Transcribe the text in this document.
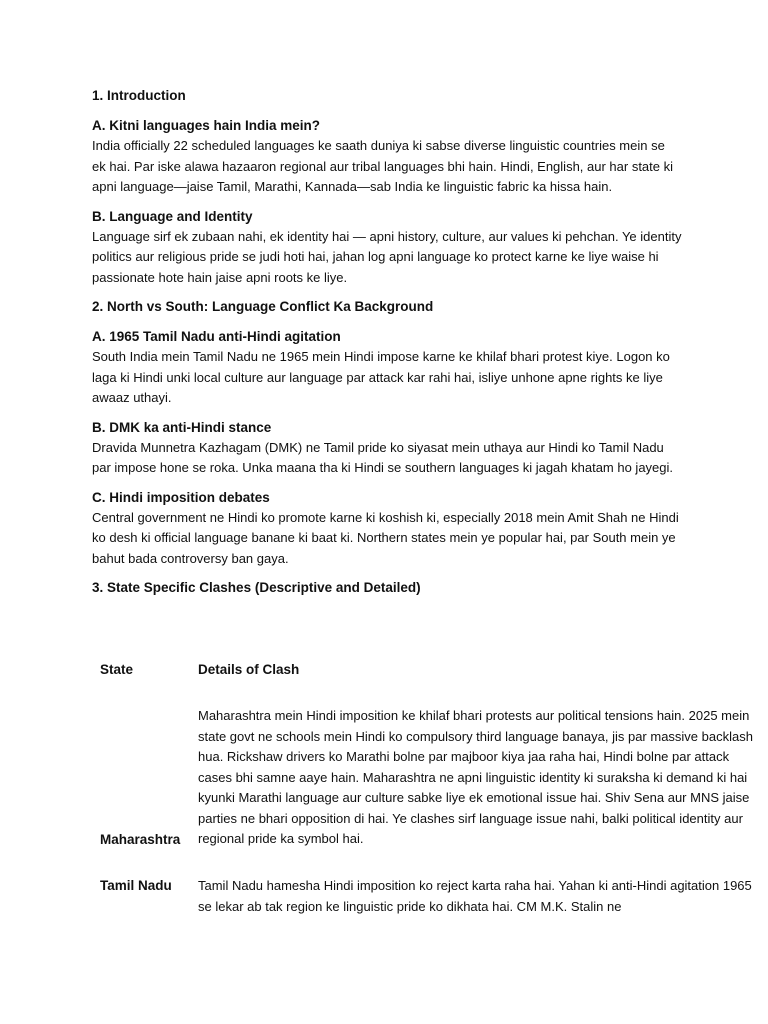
1. Introduction
A. Kitni languages hain India mein?
India officially 22 scheduled languages ke saath duniya ki sabse diverse linguistic countries mein se ek hai. Par iske alawa hazaaron regional aur tribal languages bhi hain. Hindi, English, aur har state ki apni language—jaise Tamil, Marathi, Kannada—sab India ke linguistic fabric ka hissa hain.
B. Language and Identity
Language sirf ek zubaan nahi, ek identity hai — apni history, culture, aur values ki pehchan. Ye identity politics aur religious pride se judi hoti hai, jahan log apni language ko protect karne ke liye waise hi passionate hote hain jaise apni roots ke liye.
2. North vs South: Language Conflict Ka Background
A. 1965 Tamil Nadu anti-Hindi agitation
South India mein Tamil Nadu ne 1965 mein Hindi impose karne ke khilaf bhari protest kiye. Logon ko laga ki Hindi unki local culture aur language par attack kar rahi hai, isliye unhone apne rights ke liye awaaz uthayi.
B. DMK ka anti-Hindi stance
Dravida Munnetra Kazhagam (DMK) ne Tamil pride ko siyasat mein uthaya aur Hindi ko Tamil Nadu par impose hone se roka. Unka maana tha ki Hindi se southern languages ki jagah khatam ho jayegi.
C. Hindi imposition debates
Central government ne Hindi ko promote karne ki koshish ki, especially 2018 mein Amit Shah ne Hindi ko desh ki official language banane ki baat ki. Northern states mein ye popular hai, par South mein ye bahut bada controversy ban gaya.
3. State Specific Clashes (Descriptive and Detailed)
State	Details of Clash
Maharashtra
Maharashtra mein Hindi imposition ke khilaf bhari protests aur political tensions hain. 2025 mein state govt ne schools mein Hindi ko compulsory third language banaya, jis par massive backlash hua. Rickshaw drivers ko Marathi bolne par majboor kiya jaa raha hai, Hindi bolne par attack cases bhi samne aaye hain. Maharashtra ne apni linguistic identity ki suraksha ki demand ki hai kyunki Marathi language aur culture sabke liye ek emotional issue hai. Shiv Sena aur MNS jaise parties ne bhari opposition di hai. Ye clashes sirf language issue nahi, balki political identity aur regional pride ka symbol hai.
Tamil Nadu	Tamil Nadu hamesha Hindi imposition ko reject karta raha hai. Yahan ki anti-Hindi agitation 1965 se lekar ab tak region ke linguistic pride ko dikhata hai. CM M.K. Stalin ne
